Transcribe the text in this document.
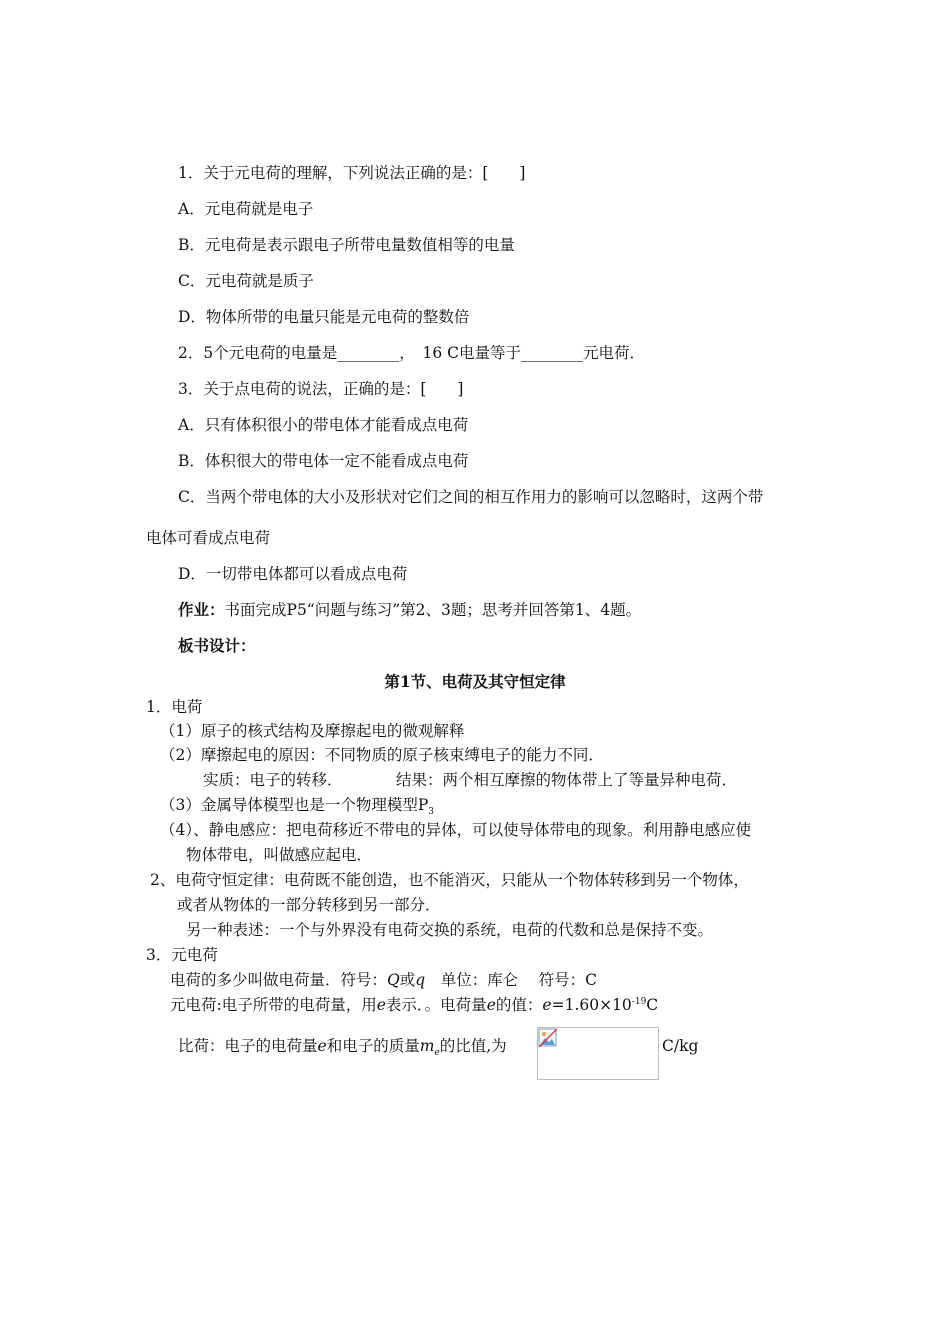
1．关于元电荷的理解，下列说法正确的是：[　　]
A．元电荷就是电子
B．元电荷是表示跟电子所带电量数值相等的电量
C．元电荷就是质子
D．物体所带的电量只能是元电荷的整数倍
2．5个元电荷的电量是________，　16 C电量等于________元电荷．
3．关于点电荷的说法，正确的是：[　　]
A．只有体积很小的带电体才能看成点电荷
B．体积很大的带电体一定不能看成点电荷
C．当两个带电体的大小及形状对它们之间的相互作用力的影响可以忽略时，这两个带
电体可看成点电荷
D．一切带电体都可以看成点电荷
作业：书面完成P5“问题与练习”第2、3题；思考并回答第1、4题。
板书设计：
第1节、电荷及其守恒定律
1．电荷
（1）原子的核式结构及摩擦起电的微观解释
（2）摩擦起电的原因：不同物质的原子核束缚电子的能力不同．
实质：电子的转移．	结果：两个相互摩擦的物体带上了等量异种电荷．
（3）金属导体模型也是一个物理模型$P_3$
（4）、静电感应：把电荷移近不带电的异体，可以使导体带电的现象。利用静电感应使
物体带电，叫做感应起电．
2、电荷守恒定律：电荷既不能创造，也不能消灭，只能从一个物体转移到另一个物体，
或者从物体的一部分转移到另一部分．
另一种表述：一个与外界没有电荷交换的系统，电荷的代数和总是保持不变。
3．元电荷
电荷的多少叫做电荷量．符号：Q或q　单位：库仑　 符号：C
元电荷:电子所带的电荷量，用e表示．。电荷量e的值：$e=1.60\times 10^{-19}C$
比荷：电子的电荷量e和电子的质量$m_e$的比值,为	C/kg
